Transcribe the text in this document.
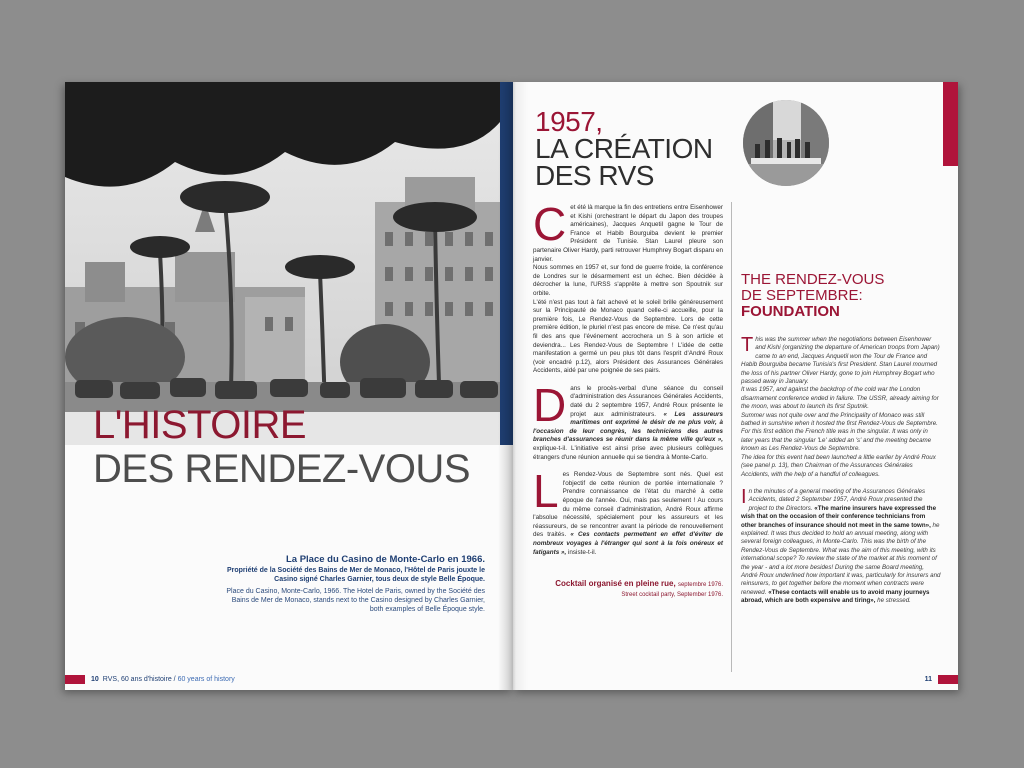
L'HISTOIRE
DES RENDEZ-VOUS
La Place du Casino de Monte-Carlo en 1966.
Propriété de la Société des Bains de Mer de Monaco, l'Hôtel de Paris jouxte le Casino signé Charles Garnier, tous deux de style Belle Époque.
Place du Casino, Monte-Carlo, 1966. The Hotel de Paris, owned by the Société des Bains de Mer de Monaco, stands next to the Casino designed by Charles Garnier, both examples of Belle Époque style.
10 RVS, 60 ans d'histoire / 60 years of history
1957,
LA CRÉATION
DES RVS

Cet été là marque la fin des entretiens entre Eisenhower et Kishi (orchestrant le départ du Japon des troupes américaines), Jacques Anquetil gagne le Tour de France et Habib Bourguiba devient le premier Président de Tunisie. Stan Laurel pleure son partenaire Oliver Hardy, parti retrouver Humphrey Bogart disparu en janvier.
Nous sommes en 1957 et, sur fond de guerre froide, la conférence de Londres sur le désarmement est un échec. Bien décidée à décrocher la lune, l'URSS s'apprête à mettre son Spoutnik sur orbite.
L'été n'est pas tout à fait achevé et le soleil brille généreusement sur la Principauté de Monaco quand celle-ci accueille, pour la première fois, Le Rendez-Vous de Septembre. Lors de cette première édition, le pluriel n'est pas encore de mise. Ce n'est qu'au fil des ans que l'événement accrochera un S à son article et deviendra... Les Rendez-Vous de Septembre ! L'idée de cette manifestation a germé un peu plus tôt dans l'esprit d'André Roux (voir encadré p.12), alors Président des Assurances Générales Accidents, aidé par une poignée de ses pairs.

Dans le procès-verbal d'une séance du conseil d'administration des Assurances Générales Accidents, daté du 2 septembre 1957, André Roux présente le projet aux administrateurs. « Les assureurs maritimes ont exprimé le désir de ne plus voir, à l'occasion de leur congrès, les techniciens des autres branches d'assurances se réunir dans la même ville qu'eux », explique-t-il. L'initiative est ainsi prise avec plusieurs collègues étrangers d'une réunion annuelle qui se tiendra à Monte-Carlo.

Les Rendez-Vous de Septembre sont nés. Quel est l'objectif de cette réunion de portée internationale ? Prendre connaissance de l'état du marché à cette époque de l'année. Oui, mais pas seulement ! Au cours du même conseil d'administration, André Roux affirme l'absolue nécessité, spécialement pour les assureurs et les réassureurs, de se rencontrer avant la période de renouvellement des traités. « Ces contacts permettent en effet d'éviter de nombreux voyages à l'étranger qui sont à la fois onéreux et fatigants », insiste-t-il.

Cocktail organisé en pleine rue, septembre 1976.
Street cocktail party, September 1976.
THE RENDEZ-VOUS
DE SEPTEMBRE:
FOUNDATION

This was the summer when the negotiations between Eisenhower and Kishi (organizing the departure of American troops from Japan) came to an end, Jacques Anquetil won the Tour de France and Habib Bourguiba became Tunisia's first President. Stan Laurel mourned the loss of his partner Oliver Hardy, gone to join Humphrey Bogart who passed away in January.
It was 1957, and against the backdrop of the cold war the London disarmament conference ended in failure. The USSR, already aiming for the moon, was about to launch its first Sputnik.
Summer was not quite over and the Principality of Monaco was still bathed in sunshine when it hosted the first Rendez-Vous de Septembre. For this first edition the French title was in the singular. It was only in later years that the singular 'Le' added an 's' and the meeting became known as Les Rendez-Vous de Septembre.
The idea for this event had been launched a little earlier by André Roux (see panel p. 13), then Chairman of the Assurances Générales Accidents, with the help of a handful of colleagues.

In the minutes of a general meeting of the Assurances Générales Accidents, dated 2 September 1957, André Roux presented the project to the Directors. «The marine insurers have expressed the wish that on the occasion of their conference technicians from other branches of insurance should not meet in the same town», he explained. It was thus decided to hold an annual meeting, along with several foreign colleagues, in Monte-Carlo. This was the birth of the Rendez-Vous de Septembre. What was the aim of this meeting, with its international scope? To review the state of the market at this moment of the year - and a lot more besides! During the same Board meeting, André Roux underlined how important it was, particularly for insurers and reinsurers, to get together before the moment when contracts were renewed. «These contacts will enable us to avoid many journeys abroad, which are both expensive and tiring», he stressed.

11
